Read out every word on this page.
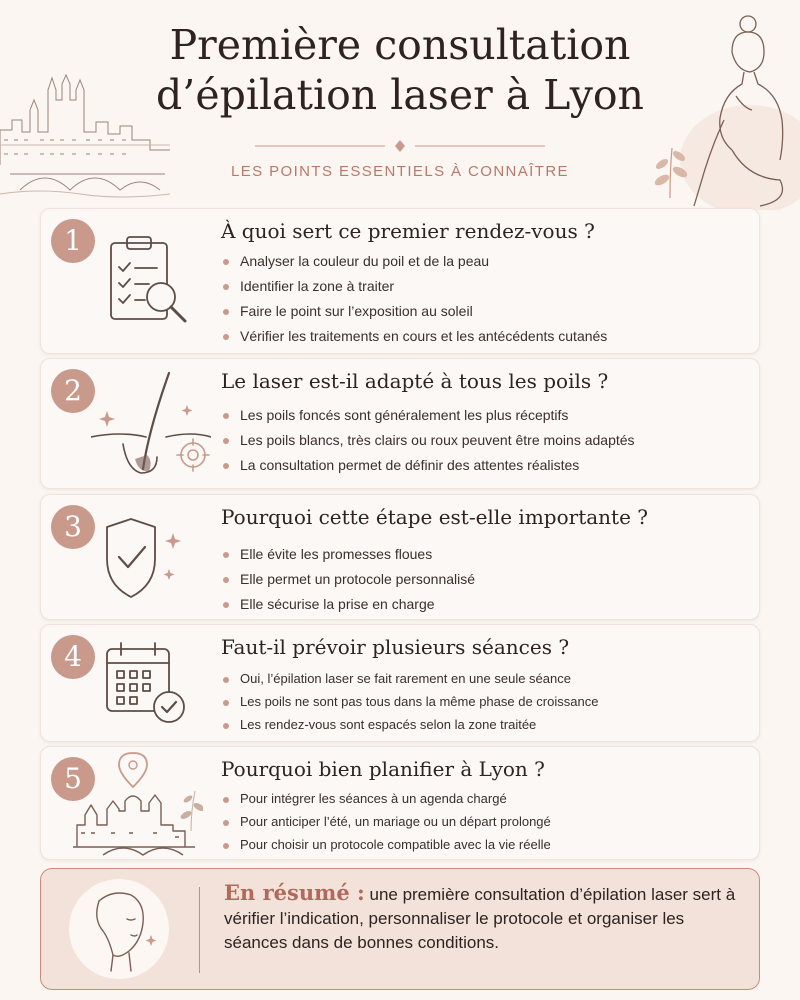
Première consultation
d’épilation laser à Lyon
LES POINTS ESSENTIELS À CONNAÎTRE
1	À quoi sert ce premier rendez-vous ?
Analyser la couleur du poil et de la peau
Identifier la zone à traiter
Faire le point sur l’exposition au soleil
Vérifier les traitements en cours et les antécédents cutanés
2	Le laser est-il adapté à tous les poils ?
Les poils foncés sont généralement les plus réceptifs
Les poils blancs, très clairs ou roux peuvent être moins adaptés
La consultation permet de définir des attentes réalistes
3	Pourquoi cette étape est-elle importante ?
Elle évite les promesses floues
Elle permet un protocole personnalisé
Elle sécurise la prise en charge
4	Faut-il prévoir plusieurs séances ?
Oui, l’épilation laser se fait rarement en une seule séance
Les poils ne sont pas tous dans la même phase de croissance
Les rendez-vous sont espacés selon la zone traitée
5	Pourquoi bien planifier à Lyon ?
Pour intégrer les séances à un agenda chargé
Pour anticiper l’été, un mariage ou un départ prolongé
Pour choisir un protocole compatible avec la vie réelle
En résumé : une première consultation d’épilation laser sert à vérifier l’indication, personnaliser le protocole et organiser les séances dans de bonnes conditions.
